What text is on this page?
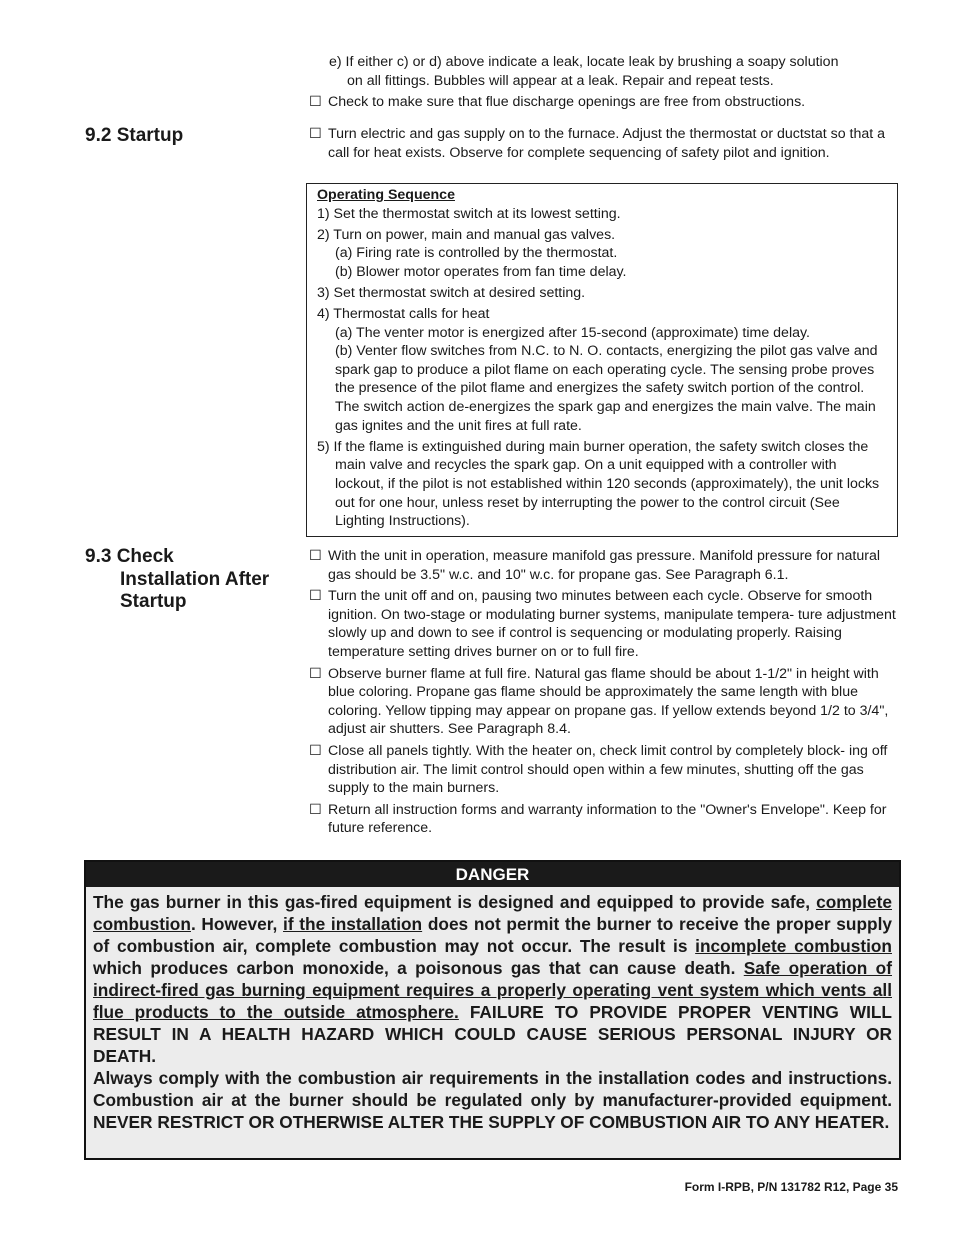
e) If either c) or d) above indicate a leak, locate leak by brushing a soapy solution
on all fittings. Bubbles will appear at a leak. Repair and repeat tests.
☐ Check to make sure that flue discharge openings are free from obstructions.
9.2 Startup	☐ Turn electric and gas supply on to the furnace. Adjust the thermostat or ductstat so that a call for heat exists. Observe for complete sequencing of safety pilot and ignition.
Operating Sequence

1) Set the thermostat switch at its lowest setting.

2) Turn on power, main and manual gas valves.

(a) Firing rate is controlled by the thermostat.
(b) Blower motor operates from fan time delay.

3) Set thermostat switch at desired setting.

4) Thermostat calls for heat

(a) The venter motor is energized after 15-second (approximate) time delay.
(b) Venter flow switches from N.C. to N. O. contacts, energizing the pilot gas valve and spark gap to produce a pilot flame on each operating cycle. The sensing probe proves the presence of the pilot flame and energizes the safety switch portion of the control. The switch action de-energizes the spark gap and energizes the main valve. The main gas ignites and the unit fires at full rate.

5) If the flame is extinguished during main burner operation, the safety switch closes the main valve and recycles the spark gap. On a unit equipped with a controller with lockout, if the pilot is not established within 120 seconds (approximately), the unit locks out for one hour, unless reset by interrupting the power to the control circuit (See Lighting Instructions).

9.3 Check
Installation After
Startup
☐ With the unit in operation, measure manifold gas pressure. Manifold pressure for natural gas should be 3.5" w.c. and 10" w.c. for propane gas. See Paragraph 6.1.
☐ Turn the unit off and on, pausing two minutes between each cycle. Observe for smooth ignition. On two-stage or modulating burner systems, manipulate tempera- ture adjustment slowly up and down to see if control is sequencing or modulating properly. Raising temperature setting drives burner on or to full fire.
☐ Observe burner flame at full fire. Natural gas flame should be about 1-1/2" in height with blue coloring. Propane gas flame should be approximately the same length with blue coloring. Yellow tipping may appear on propane gas. If yellow extends beyond 1/2 to 3/4", adjust air shutters. See Paragraph 8.4.
☐ Close all panels tightly. With the heater on, check limit control by completely block- ing off distribution air. The limit control should open within a few minutes, shutting off the gas supply to the main burners.
☐ Return all instruction forms and warranty information to the "Owner's Envelope". Keep for future reference.
DANGER

The gas burner in this gas-fired equipment is designed and equipped to provide safe, complete combustion. However, if the installation does not permit the burner to receive the proper supply of combustion air, complete combustion may not occur. The result is incomplete combustion which produces carbon monoxide, a poisonous gas that can cause death. Safe operation of indirect-fired gas burning equipment requires a properly operating vent system which vents all flue products to the outside atmosphere. FAILURE TO PROVIDE PROPER VENTING WILL RESULT IN A HEALTH HAZARD WHICH COULD CAUSE SERIOUS PERSONAL INJURY OR DEATH.

Always comply with the combustion air requirements in the installation codes and instructions. Combustion air at the burner should be regulated only by manufacturer-provided equipment. NEVER RESTRICT OR OTHERWISE ALTER THE SUPPLY OF COMBUSTION AIR TO ANY HEATER.

Form I-RPB, P/N 131782 R12, Page 35
